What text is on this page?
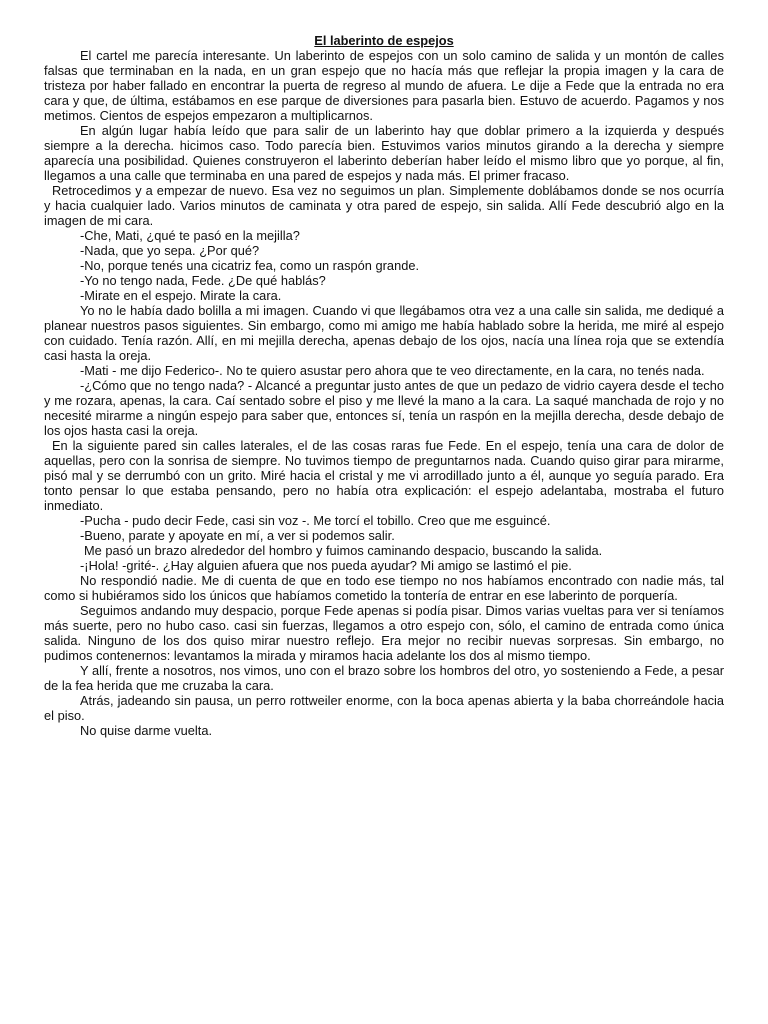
El laberinto de espejos

El cartel me parecía interesante. Un laberinto de espejos con un solo camino de salida y un montón de calles falsas que terminaban en la nada, en un gran espejo que no hacía más que reflejar la propia imagen y la cara de tristeza por haber fallado en encontrar la puerta de regreso al mundo de afuera. Le dije a Fede que la entrada no era cara y que, de última, estábamos en ese parque de diversiones para pasarla bien. Estuvo de acuerdo. Pagamos y nos metimos. Cientos de espejos empezaron a multiplicarnos.

En algún lugar había leído que para salir de un laberinto hay que doblar primero a la izquierda y después siempre a la derecha. hicimos caso. Todo parecía bien. Estuvimos varios minutos girando a la derecha y siempre aparecía una posibilidad. Quienes construyeron el laberinto deberían haber leído el mismo libro que yo porque, al fin, llegamos a una calle que terminaba en una pared de espejos y nada más. El primer fracaso.

Retrocedimos y a empezar de nuevo. Esa vez no seguimos un plan. Simplemente doblábamos donde se nos ocurría y hacia cualquier lado. Varios minutos de caminata y otra pared de espejo, sin salida. Allí Fede descubrió algo en la imagen de mi cara.

-Che, Mati, ¿qué te pasó en la mejilla?

-Nada, que yo sepa. ¿Por qué?

-No, porque tenés una cicatriz fea, como un raspón grande.

-Yo no tengo nada, Fede. ¿De qué hablás?

-Mirate en el espejo. Mirate la cara.

Yo no le había dado bolilla a mi imagen. Cuando vi que llegábamos otra vez a una calle sin salida, me dediqué a planear nuestros pasos siguientes. Sin embargo, como mi amigo me había hablado sobre la herida, me miré al espejo con cuidado. Tenía razón. Allí, en mi mejilla derecha, apenas debajo de los ojos, nacía una línea roja que se extendía casi hasta la oreja.

-Mati - me dijo Federico-. No te quiero asustar pero ahora que te veo directamente, en la cara, no tenés nada.

-¿Cómo que no tengo nada? - Alcancé a preguntar justo antes de que un pedazo de vidrio cayera desde el techo y me rozara, apenas, la cara. Caí sentado sobre el piso y me llevé la mano a la cara. La saqué manchada de rojo y no necesité mirarme a ningún espejo para saber que, entonces sí, tenía un raspón en la mejilla derecha, desde debajo de los ojos hasta casi la oreja.

En la siguiente pared sin calles laterales, el de las cosas raras fue Fede. En el espejo, tenía una cara de dolor de aquellas, pero con la sonrisa de siempre. No tuvimos tiempo de preguntarnos nada. Cuando quiso girar para mirarme, pisó mal y se derrumbó con un grito. Miré hacia el cristal y me vi arrodillado junto a él, aunque yo seguía parado. Era tonto pensar lo que estaba pensando, pero no había otra explicación: el espejo adelantaba, mostraba el futuro inmediato.

-Pucha - pudo decir Fede, casi sin voz -. Me torcí el tobillo. Creo que me esguincé.

-Bueno, parate y apoyate en mí, a ver si podemos salir.

Me pasó un brazo alrededor del hombro y fuimos caminando despacio, buscando la salida.

-¡Hola! -grité-. ¿Hay alguien afuera que nos pueda ayudar? Mi amigo se lastimó el pie.

No respondió nadie. Me di cuenta de que en todo ese tiempo no nos habíamos encontrado con nadie más, tal como si hubiéramos sido los únicos que habíamos cometido la tontería de entrar en ese laberinto de porquería.

Seguimos andando muy despacio, porque Fede apenas si podía pisar. Dimos varias vueltas para ver si teníamos más suerte, pero no hubo caso. casi sin fuerzas, llegamos a otro espejo con, sólo, el camino de entrada como única salida. Ninguno de los dos quiso mirar nuestro reflejo. Era mejor no recibir nuevas sorpresas. Sin embargo, no pudimos contenernos: levantamos la mirada y miramos hacia adelante los dos al mismo tiempo.

Y allí, frente a nosotros, nos vimos, uno con el brazo sobre los hombros del otro, yo sosteniendo a Fede, a pesar de la fea herida que me cruzaba la cara.

Atrás, jadeando sin pausa, un perro rottweiler enorme, con la boca apenas abierta y la baba chorreándole hacia el piso.

No quise darme vuelta.
